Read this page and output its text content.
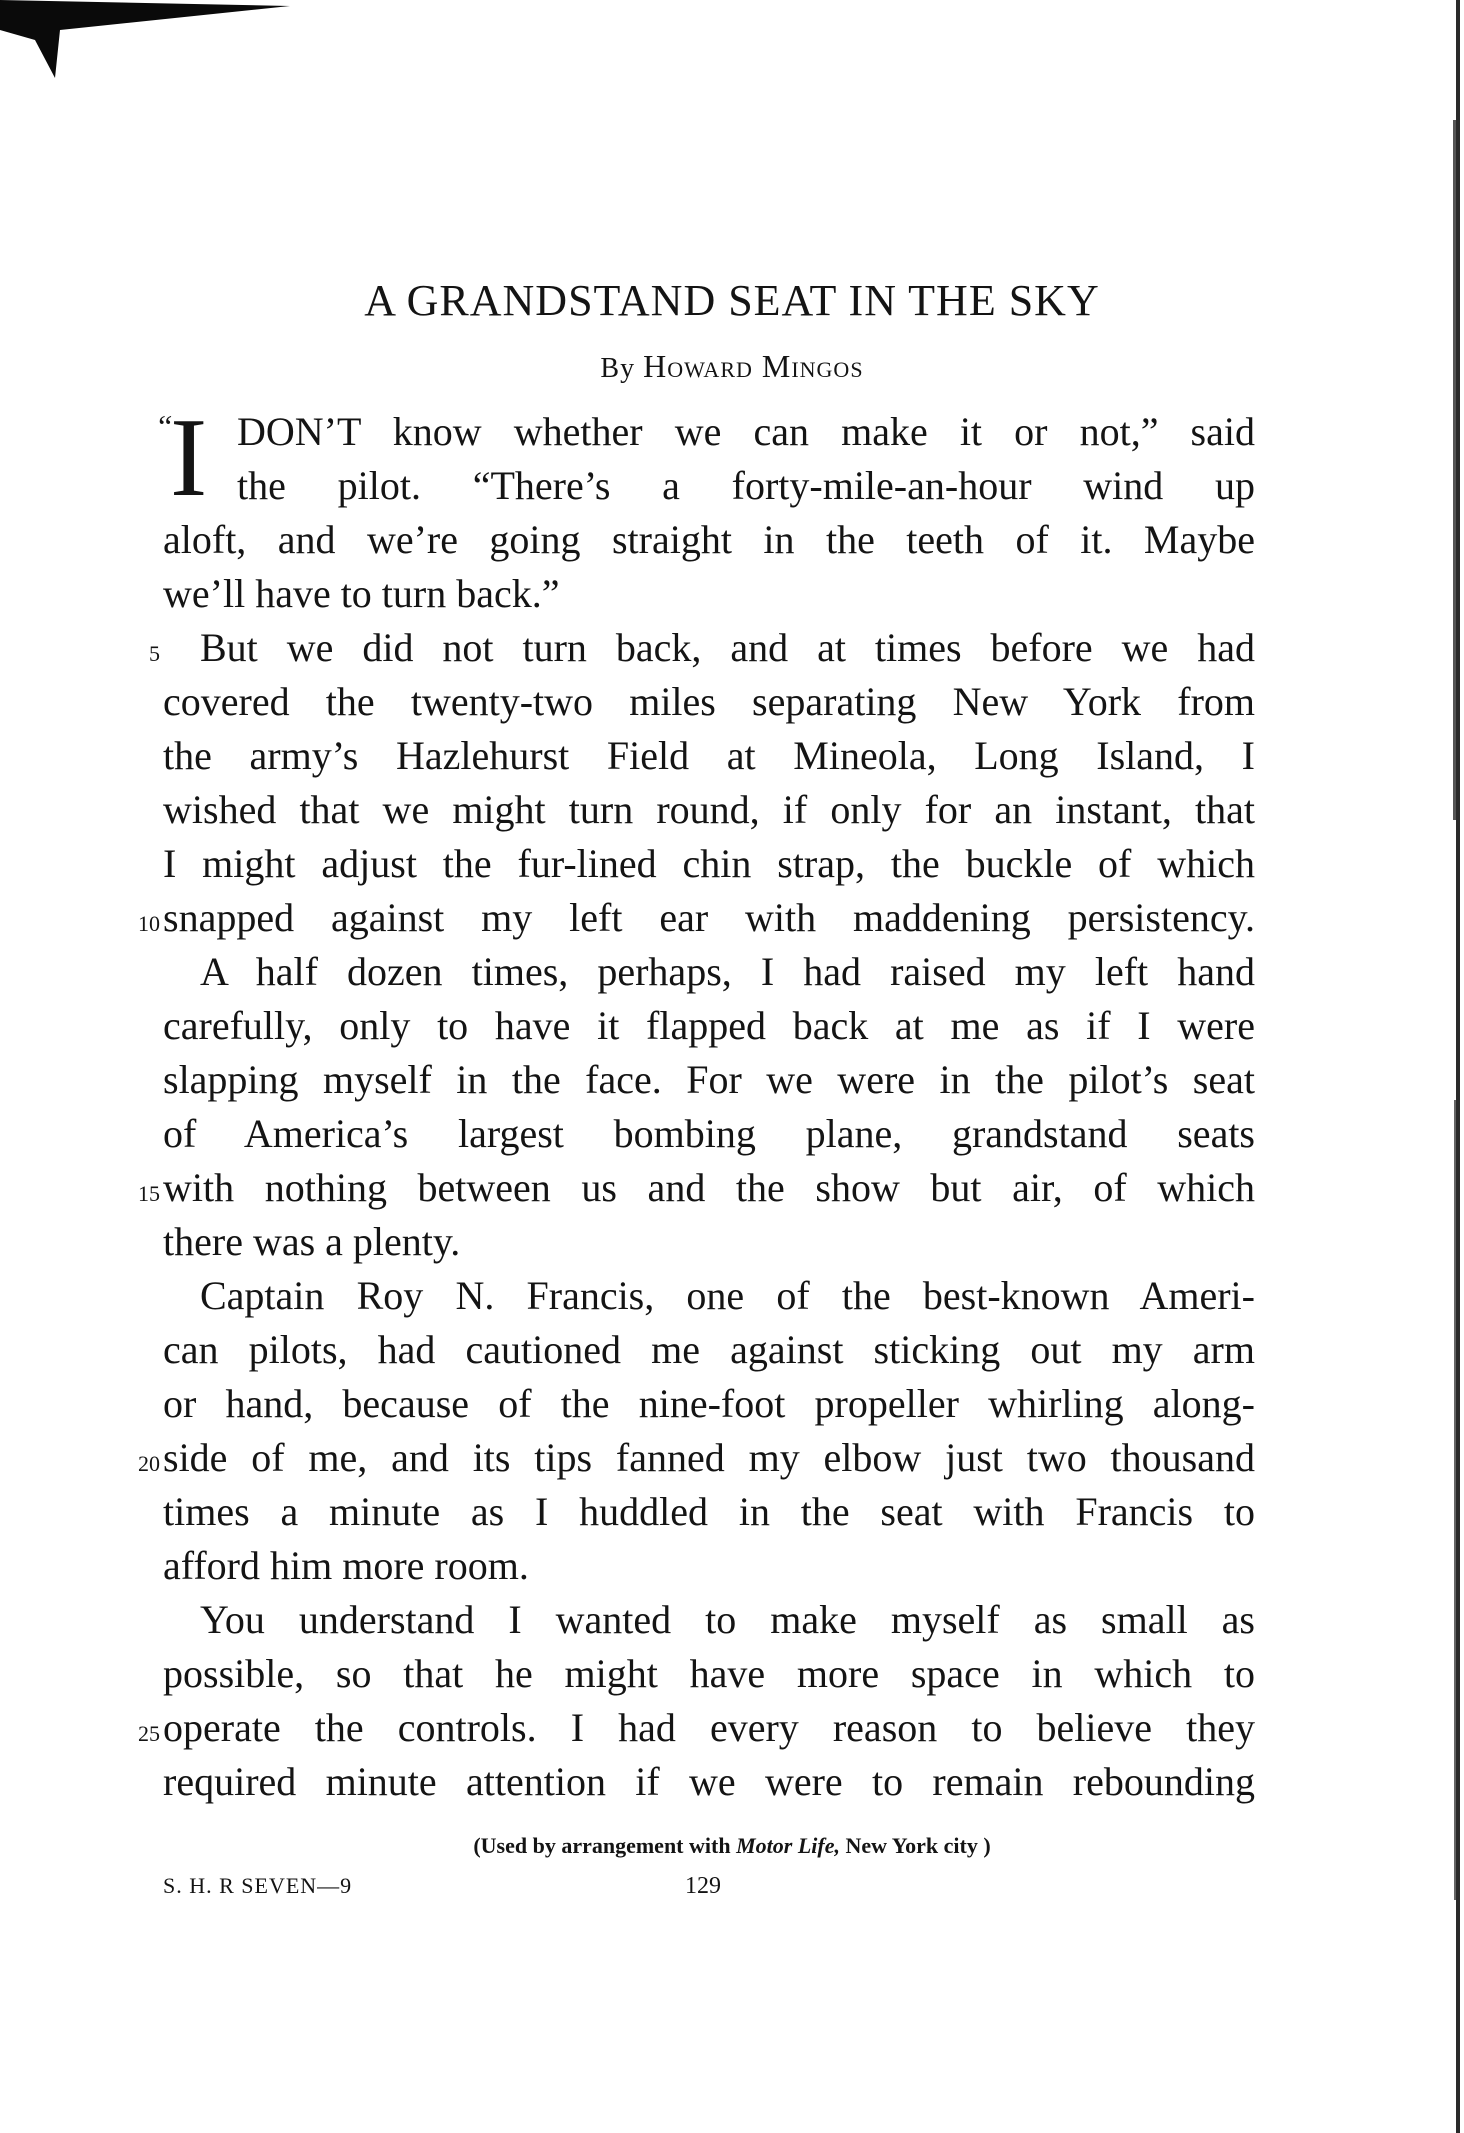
A GRANDSTAND SEAT IN THE SKY
By Howard Mingos
“
I DON’T know whether we can make it or not,” said
the pilot. “There’s a forty-mile-an-hour wind up
aloft, and we’re going straight in the teeth of it. Maybe
we’ll have to turn back.”
But we did not turn back, and at times before we had
covered the twenty-two miles separating New York from
the army’s Hazlehurst Field at Mineola, Long Island, I
wished that we might turn round, if only for an instant, that
I might adjust the fur-lined chin strap, the buckle of which
snapped against my left ear with maddening persistency.
A half dozen times, perhaps, I had raised my left hand
carefully, only to have it flapped back at me as if I were
slapping myself in the face. For we were in the pilot’s seat
of America’s largest bombing plane, grandstand seats
with nothing between us and the show but air, of which
there was a plenty.
Captain Roy N. Francis, one of the best-known Ameri-
can pilots, had cautioned me against sticking out my arm
or hand, because of the nine-foot propeller whirling along-
side of me, and its tips fanned my elbow just two thousand
times a minute as I huddled in the seat with Francis to
afford him more room.
You understand I wanted to make myself as small as
possible, so that he might have more space in which to
operate the controls. I had every reason to believe they
required minute attention if we were to remain rebounding
5
10
15
20
25
(Used by arrangement with Motor Life, New York city )
S. H. R SEVEN—9	129
